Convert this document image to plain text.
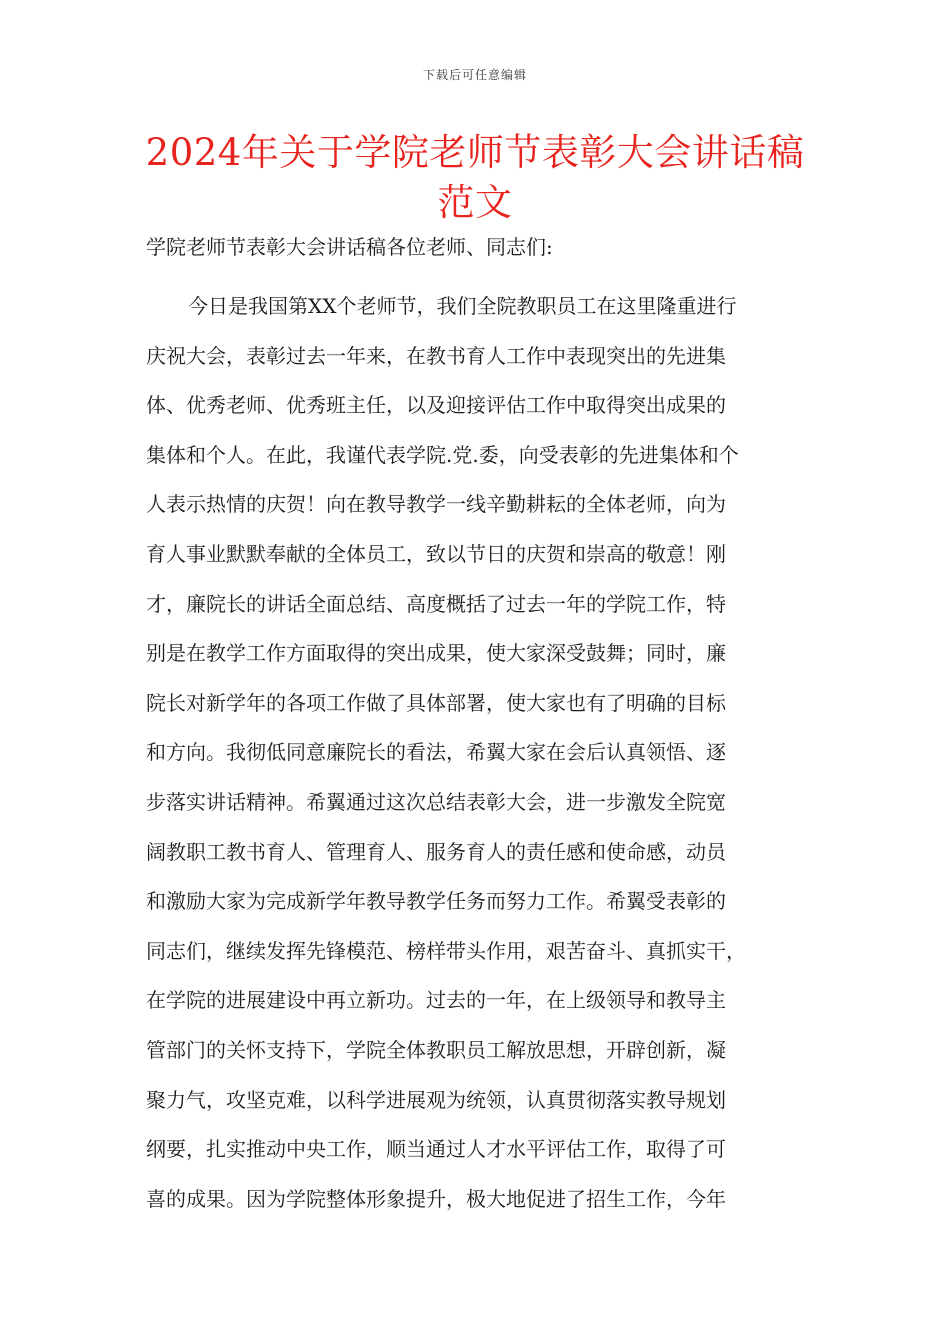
下载后可任意编辑
2024年关于学院老师节表彰大会讲话稿范文

学院老师节表彰大会讲话稿各位老师、同志们:

今日是我国第XX个老师节，我们全院教职员工在这里隆重进行
庆祝大会，表彰过去一年来，在教书育人工作中表现突出的先进集
体、优秀老师、优秀班主任，以及迎接评估工作中取得突出成果的
集体和个人。在此，我谨代表学院.党.委，向受表彰的先进集体和个
人表示热情的庆贺！向在教导教学一线辛勤耕耘的全体老师，向为
育人事业默默奉献的全体员工，致以节日的庆贺和崇高的敬意！刚
才，廉院长的讲话全面总结、高度概括了过去一年的学院工作，特
别是在教学工作方面取得的突出成果，使大家深受鼓舞；同时，廉
院长对新学年的各项工作做了具体部署，使大家也有了明确的目标
和方向。我彻低同意廉院长的看法，希翼大家在会后认真领悟、逐
步落实讲话精神。希翼通过这次总结表彰大会，进一步激发全院宽
阔教职工教书育人、管理育人、服务育人的责任感和使命感，动员
和激励大家为完成新学年教导教学任务而努力工作。希翼受表彰的
同志们，继续发挥先锋模范、榜样带头作用，艰苦奋斗、真抓实干，
在学院的进展建设中再立新功。过去的一年，在上级领导和教导主
管部门的关怀支持下，学院全体教职员工解放思想，开辟创新，凝
聚力气，攻坚克难，以科学进展观为统领，认真贯彻落实教导规划
纲要，扎实推动中央工作，顺当通过人才水平评估工作，取得了可
喜的成果。因为学院整体形象提升，极大地促进了招生工作，今年
